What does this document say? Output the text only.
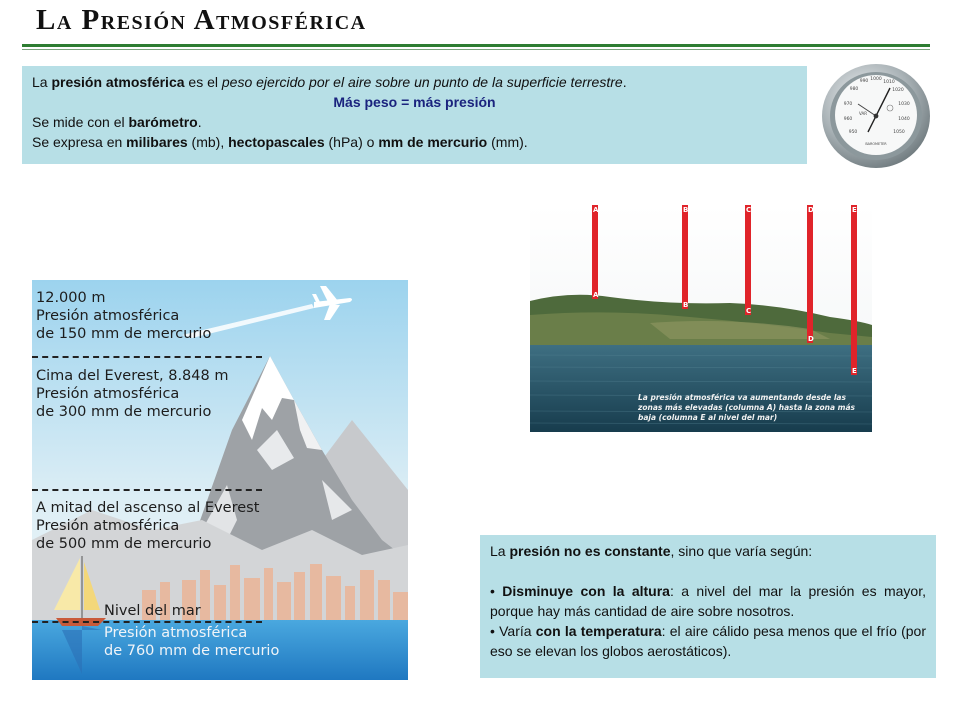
La Presión Atmosférica
La presión atmosférica es el peso ejercido por el aire sobre un punto de la superficie terrestre.
Más peso = más presión
Se mide con el barómetro.
Se expresa en milibares (mb), hectopascales (hPa) o mm de mercurio (mm).
990 1000
1010
980	1020
970	1030
960	1040
950	1050
VAR
BAROMETER
12.000 m
Presión atmosférica
de 150 mm de mercurio
Cima del Everest, 8.848 m
Presión atmosférica
de 300 mm de mercurio
A mitad del ascenso al Everest
Presión atmosférica
de 500 mm de mercurio
Nivel del mar
Presión atmosférica
de 760 mm de mercurio
A
A
B
B
C
C
D
D
E
E
La presión atmosférica va aumentando desde las zonas más elevadas (columna A) hasta la zona más baja (columna E al nivel del mar)

La presión no es constante, sino que varía según:

• Disminuye con la altura: a nivel del mar la presión es mayor, porque hay más cantidad de aire sobre nosotros.

• Varía con la temperatura: el aire cálido pesa menos que el frío (por eso se elevan los globos aerostáticos).
